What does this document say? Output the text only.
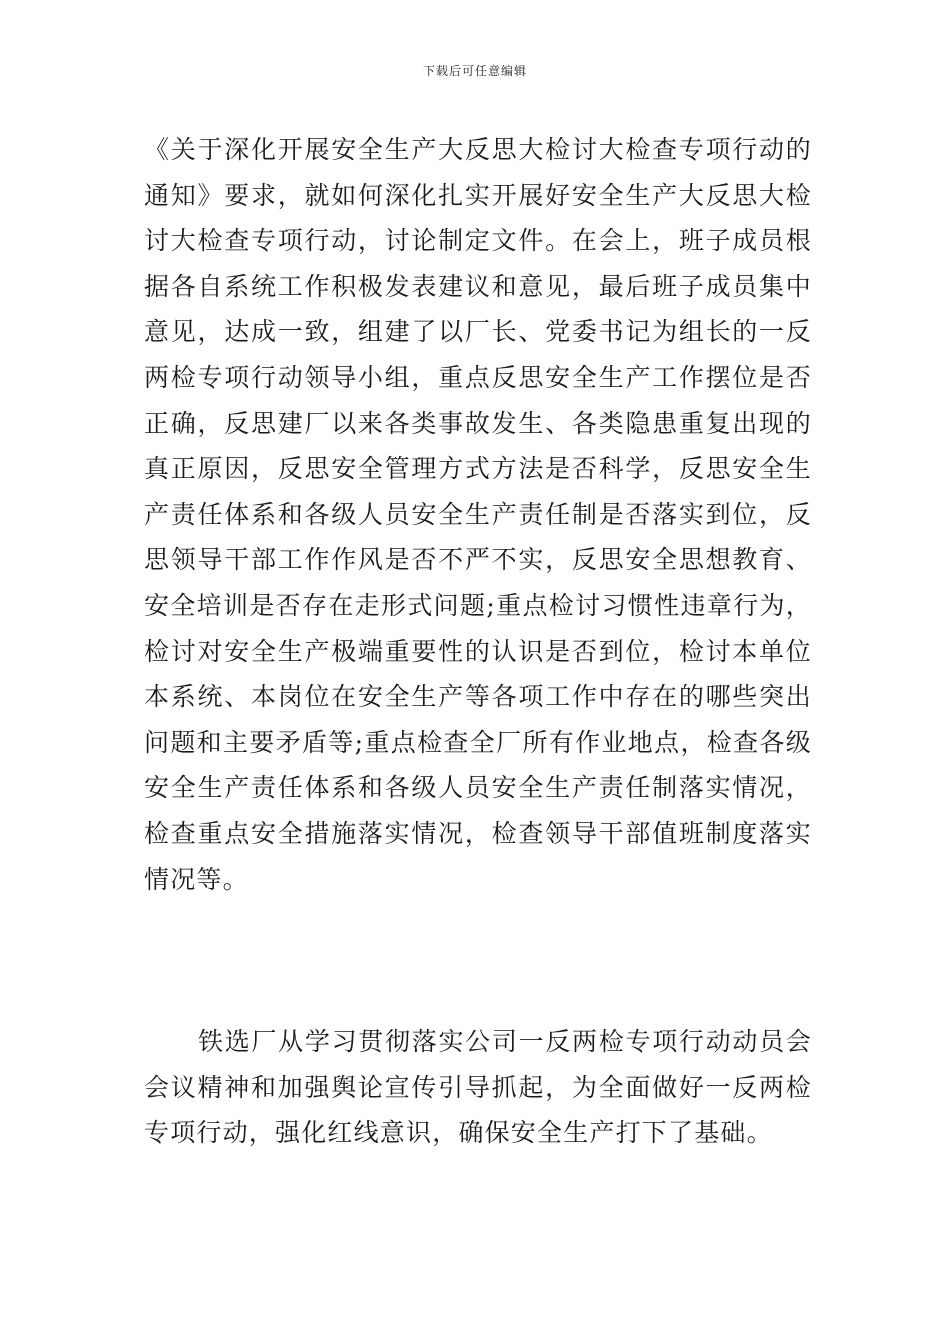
下载后可任意编辑

《关于深化开展安全生产大反思大检讨大检查专项行动的通知》要求，就如何深化扎实开展好安全生产大反思大检讨大检查专项行动，讨论制定文件。在会上，班子成员根据各自系统工作积极发表建议和意见，最后班子成员集中意见，达成一致，组建了以厂长、党委书记为组长的一反两检专项行动领导小组，重点反思安全生产工作摆位是否正确，反思建厂以来各类事故发生、各类隐患重复出现的真正原因，反思安全管理方式方法是否科学，反思安全生产责任体系和各级人员安全生产责任制是否落实到位，反思领导干部工作作风是否不严不实，反思安全思想教育、安全培训是否存在走形式问题;重点检讨习惯性违章行为，检讨对安全生产极端重要性的认识是否到位，检讨本单位本系统、本岗位在安全生产等各项工作中存在的哪些突出问题和主要矛盾等;重点检查全厂所有作业地点，检查各级安全生产责任体系和各级人员安全生产责任制落实情况，检查重点安全措施落实情况，检查领导干部值班制度落实情况等。

铁选厂从学习贯彻落实公司一反两检专项行动动员会会议精神和加强舆论宣传引导抓起，为全面做好一反两检专项行动，强化红线意识，确保安全生产打下了基础。
